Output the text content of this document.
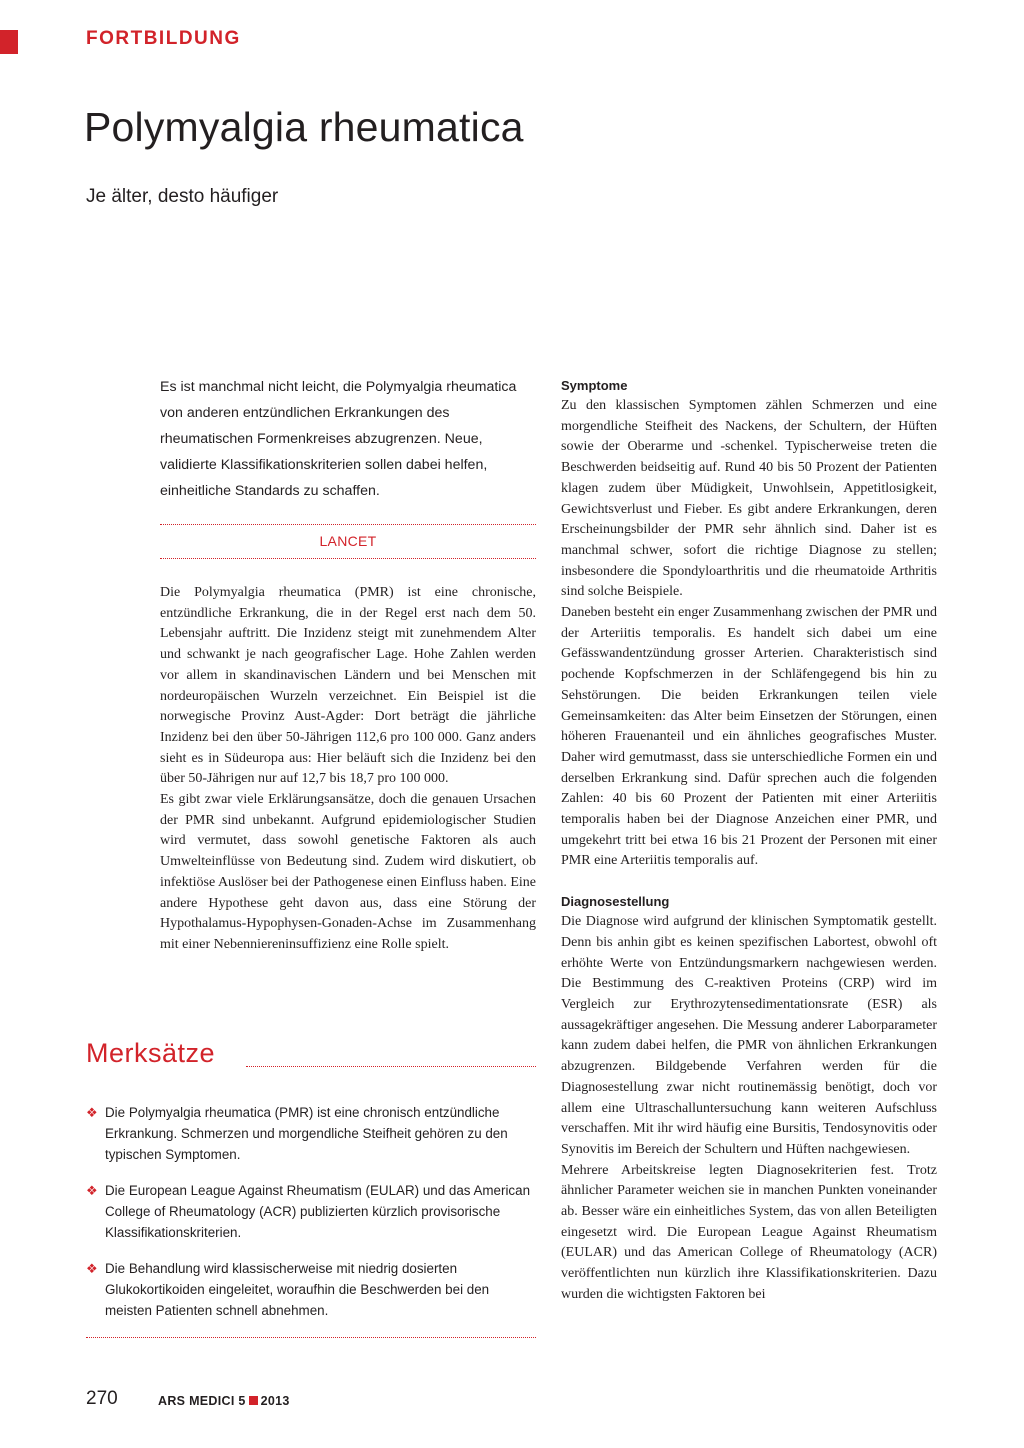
FORTBILDUNG
Polymyalgia rheumatica
Je älter, desto häufiger

Es ist manchmal nicht leicht, die Polymyalgia rheumatica von anderen entzündlichen Erkrankungen des rheumatischen Formenkreises abzugrenzen. Neue, validierte Klassifikationskriterien sollen dabei helfen, einheitliche Standards zu schaffen.

LANCET

Die Polymyalgia rheumatica (PMR) ist eine chronische, entzündliche Erkrankung, die in der Regel erst nach dem 50. Lebensjahr auftritt. Die Inzidenz steigt mit zunehmendem Alter und schwankt je nach geografischer Lage. Hohe Zahlen werden vor allem in skandinavischen Ländern und bei Menschen mit nordeuropäischen Wurzeln verzeichnet. Ein Beispiel ist die norwegische Provinz Aust-Agder: Dort beträgt die jährliche Inzidenz bei den über 50-Jährigen 112,6 pro 100 000. Ganz anders sieht es in Südeuropa aus: Hier beläuft sich die Inzidenz bei den über 50-Jährigen nur auf 12,7 bis 18,7 pro 100 000.

Es gibt zwar viele Erklärungsansätze, doch die genauen Ursachen der PMR sind unbekannt. Aufgrund epidemiologischer Studien wird vermutet, dass sowohl genetische Faktoren als auch Umwelteinflüsse von Bedeutung sind. Zudem wird diskutiert, ob infektiöse Auslöser bei der Pathogenese einen Einfluss haben. Eine andere Hypothese geht davon aus, dass eine Störung der Hypothalamus-Hypophysen-Gonaden-Achse im Zusammenhang mit einer Nebenniereninsuffizienz eine Rolle spielt.

Symptome

Zu den klassischen Symptomen zählen Schmerzen und eine morgendliche Steifheit des Nackens, der Schultern, der Hüften sowie der Oberarme und -schenkel. Typischerweise treten die Beschwerden beidseitig auf. Rund 40 bis 50 Prozent der Patienten klagen zudem über Müdigkeit, Unwohlsein, Appetitlosigkeit, Gewichtsverlust und Fieber. Es gibt andere Erkrankungen, deren Erscheinungsbilder der PMR sehr ähnlich sind. Daher ist es manchmal schwer, sofort die richtige Diagnose zu stellen; insbesondere die Spondyloarthritis und die rheumatoide Arthritis sind solche Beispiele.

Daneben besteht ein enger Zusammenhang zwischen der PMR und der Arteriitis temporalis. Es handelt sich dabei um eine Gefässwandentzündung grosser Arterien. Charakteristisch sind pochende Kopfschmerzen in der Schläfengegend bis hin zu Sehstörungen. Die beiden Erkrankungen teilen viele Gemeinsamkeiten: das Alter beim Einsetzen der Störungen, einen höheren Frauenanteil und ein ähnliches geografisches Muster. Daher wird gemutmasst, dass sie unterschiedliche Formen ein und derselben Erkrankung sind. Dafür sprechen auch die folgenden Zahlen: 40 bis 60 Prozent der Patienten mit einer Arteriitis temporalis haben bei der Diagnose Anzeichen einer PMR, und umgekehrt tritt bei etwa 16 bis 21 Prozent der Personen mit einer PMR eine Arteriitis temporalis auf.

Diagnosestellung

Die Diagnose wird aufgrund der klinischen Symptomatik gestellt. Denn bis anhin gibt es keinen spezifischen Labortest, obwohl oft erhöhte Werte von Entzündungsmarkern nachgewiesen werden. Die Bestimmung des C-reaktiven Proteins (CRP) wird im Vergleich zur Erythrozytensedimentationsrate (ESR) als aussagekräftiger angesehen. Die Messung anderer Laborparameter kann zudem dabei helfen, die PMR von ähnlichen Erkrankungen abzugrenzen. Bildgebende Verfahren werden für die Diagnosestellung zwar nicht routinemässig benötigt, doch vor allem eine Ultraschalluntersuchung kann weiteren Aufschluss verschaffen. Mit ihr wird häufig eine Bursitis, Tendosynovitis oder Synovitis im Bereich der Schultern und Hüften nachgewiesen.

Mehrere Arbeitskreise legten Diagnosekriterien fest. Trotz ähnlicher Parameter weichen sie in manchen Punkten voneinander ab. Besser wäre ein einheitliches System, das von allen Beteiligten eingesetzt wird. Die European League Against Rheumatism (EULAR) und das American College of Rheumatology (ACR) veröffentlichten nun kürzlich ihre Klassifikationskriterien. Dazu wurden die wichtigsten Faktoren bei

Merksätze
❖ Die Polymyalgia rheumatica (PMR) ist eine chronisch entzündliche Erkrankung. Schmerzen und morgendliche Steifheit gehören zu den typischen Symptomen.
❖ Die European League Against Rheumatism (EULAR) und das American College of Rheumatology (ACR) publizierten kürzlich provisorische Klassifikationskriterien.
❖ Die Behandlung wird klassischerweise mit niedrig dosierten Glukokortikoiden eingeleitet, woraufhin die Beschwerden bei den meisten Patienten schnell abnehmen.
270	ARS MEDICI 5 2013
